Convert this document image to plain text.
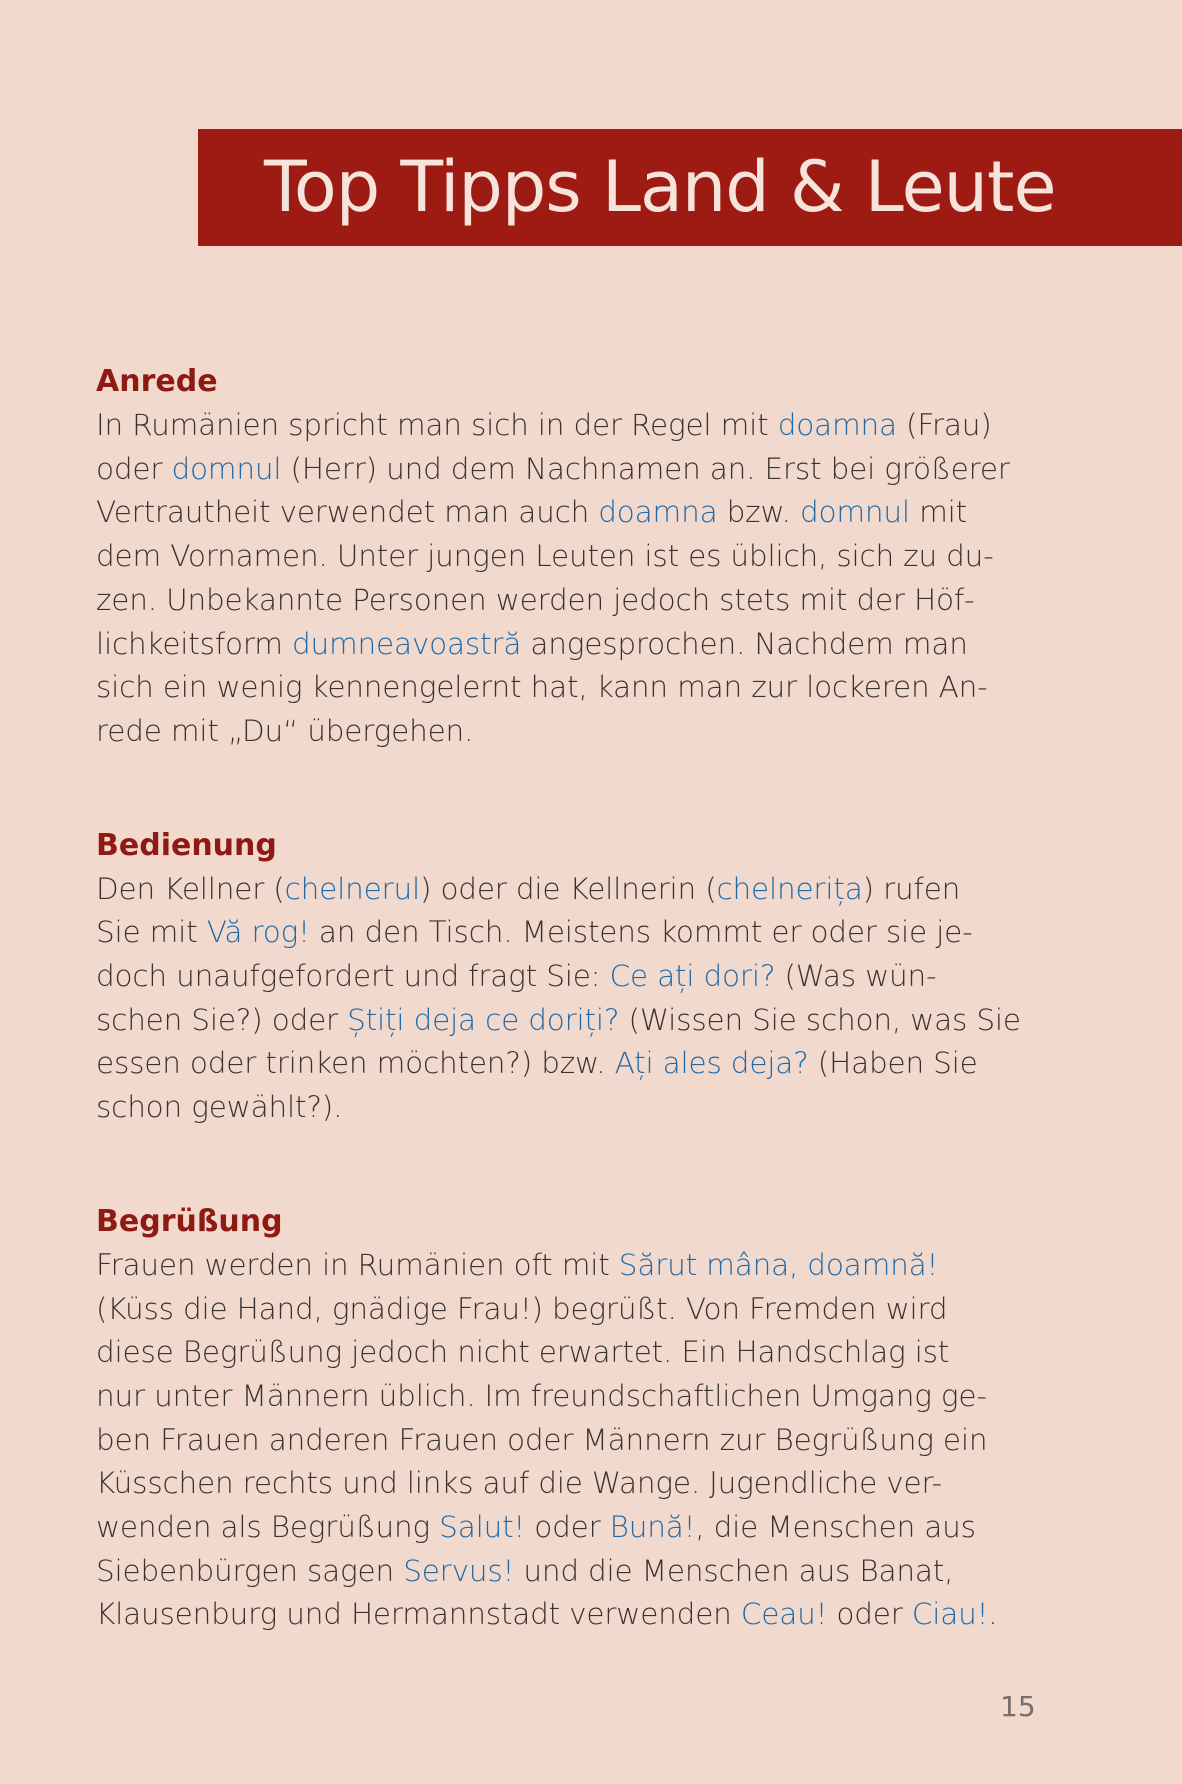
Top Tipps Land & Leute
Anrede

In Rumänien spricht man sich in der Regel mit doamna (Frau)
oder domnul (Herr) und dem Nachnamen an. Erst bei größerer
Vertrautheit verwendet man auch doamna bzw. domnul mit
dem Vornamen. Unter jungen Leuten ist es üblich, sich zu du-
zen. Unbekannte Personen werden jedoch stets mit der Höf-
lichkeitsform dumneavoastră angesprochen. Nachdem man
sich ein wenig kennengelernt hat, kann man zur lockeren An-
rede mit „Du“ übergehen.

Bedienung

Den Kellner (chelnerul) oder die Kellnerin (chelnerița) rufen
Sie mit Vă rog! an den Tisch. Meistens kommt er oder sie je-
doch unaufgefordert und fragt Sie: Ce ați dori? (Was wün-
schen Sie?) oder Știți deja ce doriți? (Wissen Sie schon, was Sie
essen oder trinken möchten?) bzw. Ați ales deja? (Haben Sie
schon gewählt?).

Begrüßung

Frauen werden in Rumänien oft mit Sărut mâna, doamnă!
(Küss die Hand, gnädige Frau!) begrüßt. Von Fremden wird
diese Begrüßung jedoch nicht erwartet. Ein Handschlag ist
nur unter Männern üblich. Im freundschaftlichen Umgang ge-
ben Frauen anderen Frauen oder Männern zur Begrüßung ein
Küsschen rechts und links auf die Wange. Jugendliche ver-
wenden als Begrüßung Salut! oder Bună!, die Menschen aus
Siebenbürgen sagen Servus! und die Menschen aus Banat,
Klausenburg und Hermannstadt verwenden Ceau! oder Ciau!.

15
